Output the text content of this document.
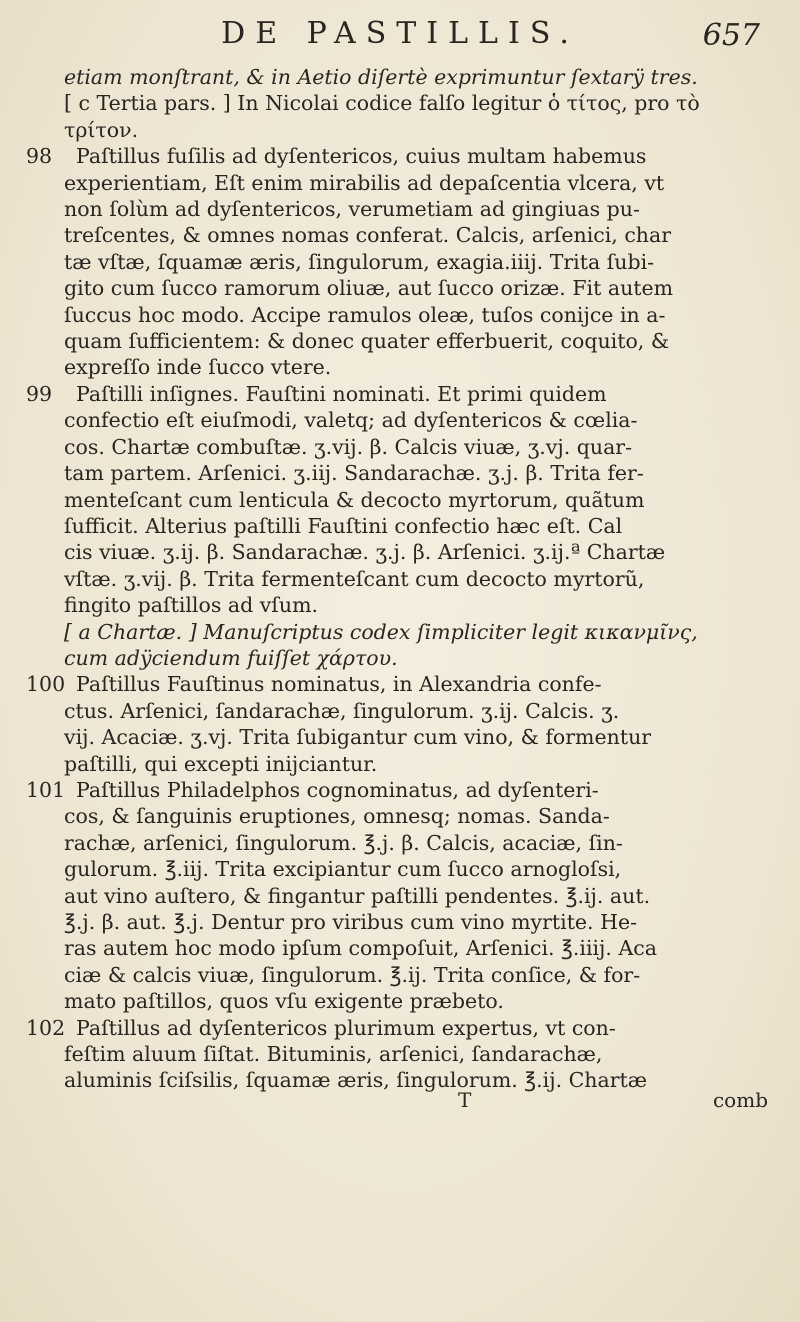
DE PASTILLIS.	657
etiam monſtrant, & in Aetio diſertè exprimuntur ſextarÿ tres.
[ c Tertia pars. ] In Nicolai codice falſo legitur ὁ τίτος, pro τὸ
τρίτον.
98 Paſtillus fuſilis ad dyſentericos, cuius multam habemus
experientiam, Eſt enim mirabilis ad depaſcentia vlcera, vt
non ſolùm ad dyſentericos, verumetiam ad gingiuas pu-
treſcentes, & omnes nomas conferat. Calcis, arſenici, char
tæ vſtæ, ſquamæ æris, ſingulorum, exagia.iiij. Trita ſubi-
gito cum ſucco ramorum oliuæ, aut ſucco orizæ. Fit autem
ſuccus hoc modo. Accipe ramulos oleæ, tuſos conijce in a-
quam ſufficientem: & donec quater efferbuerit, coquito, &
expreſſo inde ſucco vtere.
99 Paſtilli inſignes. Fauſtini nominati. Et primi quidem
confectio eſt eiuſmodi, valetq; ad dyſentericos & cœlia-
cos. Chartæ combuſtæ. ʒ.vij. β. Calcis viuæ, ʒ.vj. quar-
tam partem. Arſenici. ʒ.iij. Sandarachæ. ʒ.j. β. Trita fer-
menteſcant cum lenticula & decocto myrtorum, quãtum
ſufficit. Alterius paſtilli Fauſtini confectio hæc eſt. Cal
cis viuæ. ʒ.ij. β. Sandarachæ. ʒ.j. β. Arſenici. ʒ.ij.ª Chartæ
vſtæ. ʒ.vij. β. Trita fermenteſcant cum decocto myrtorũ,
fingito paſtillos ad vſum.
[ a Chartæ. ] Manuſcriptus codex ſimpliciter legit κικανμῖνς,
cum adÿciendum fuiſſet χάρτου.
100 Paſtillus Fauſtinus nominatus, in Alexandria confe-
ctus. Arſenici, ſandarachæ, ſingulorum. ʒ.ij. Calcis. ʒ.
vij. Acaciæ. ʒ.vj. Trita ſubigantur cum vino, & formentur
paſtilli, qui excepti inijciantur.
101 Paſtillus Philadelphos cognominatus, ad dyſenteri-
cos, & ſanguinis eruptiones, omnesq; nomas. Sanda-
rachæ, arſenici, ſingulorum. ℥.j. β. Calcis, acaciæ, ſin-
gulorum. ℥.iij. Trita excipiantur cum ſucco arnogloſsi,
aut vino auſtero, & fingantur paſtilli pendentes. ℥.ij. aut.
℥.j. β. aut. ℥.j. Dentur pro viribus cum vino myrtite. He-
ras autem hoc modo ipſum compoſuit, Arſenici. ℥.iiij. Aca
ciæ & calcis viuæ, ſingulorum. ℥.ij. Trita conſice, & for-
mato paſtillos, quos vſu exigente præbeto.
102 Paſtillus ad dyſentericos plurimum expertus, vt con-
feſtim aluum ſiſtat. Bituminis, arſenici, ſandarachæ,
aluminis ſciſsilis, ſquamæ æris, ſingulorum. ℥.ij. Chartæ
T	comb
